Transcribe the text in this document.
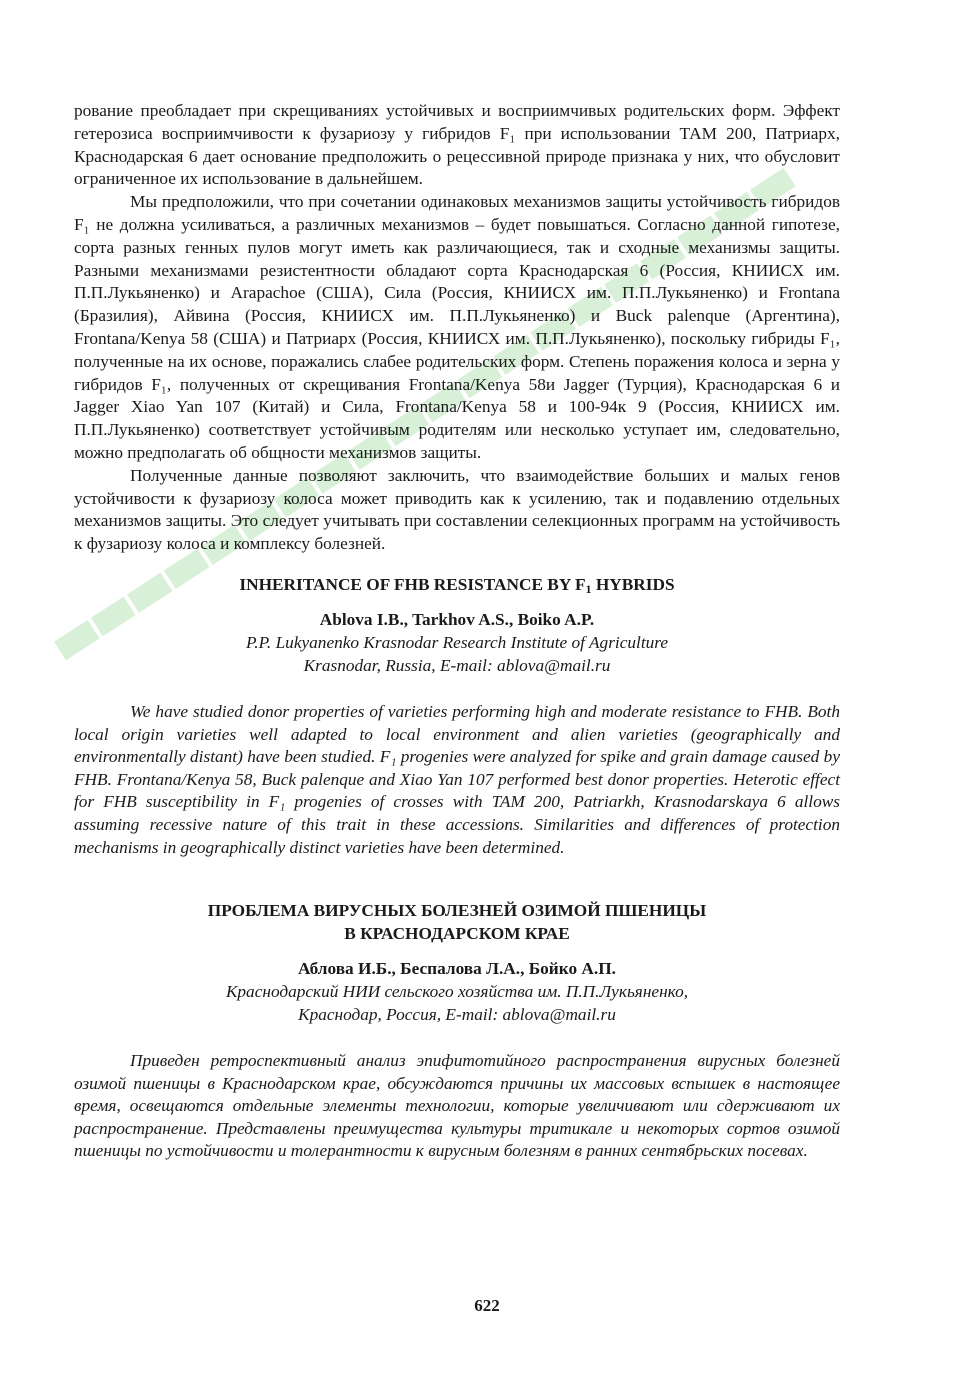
рование преобладает при скрещиваниях устойчивых и восприимчивых родительских форм. Эффект гетерозиса восприимчивости к фузариозу у гибридов F₁ при использовании ТАМ 200, Патриарх, Краснодарская 6 дает основание предположить о рецессивной природе признака у них, что обусловит ограниченное их использование в дальнейшем.

Мы предположили, что при сочетании одинаковых механизмов защиты устойчивость гибридов F₁ не должна усиливаться, а различных механизмов – будет повышаться. Согласно данной гипотезе, сорта разных генных пулов могут иметь как различающиеся, так и сходные механизмы защиты. Разными механизмами резистентности обладают сорта Краснодарская 6 (Россия, КНИИСХ им. П.П.Лукьяненко) и Arapachoe (США), Сила (Россия, КНИИСХ им. П.П.Лукьяненко) и Frontana (Бразилия), Айвина (Россия, КНИИСХ им. П.П.Лукьяненко) и Buck palenque (Аргентина), Frontana/Kenya 58 (США) и Патриарх (Россия, КНИИСХ им. П.П.Лукьяненко), поскольку гибриды F₁, полученные на их основе, поражались слабее родительских форм. Степень поражения колоса и зерна у гибридов F₁, полученных от скрещивания Frontana/Kenya 58и Jagger (Турция), Краснодарская 6 и Jagger Xiao Yan 107 (Китай) и Сила, Frontana/Kenya 58 и 100-94к 9 (Россия, КНИИСХ им. П.П.Лукьяненко) соответствует устойчивым родителям или несколько уступает им, следовательно, можно предполагать об общности механизмов защиты.

Полученные данные позволяют заключить, что взаимодействие больших и малых генов устойчивости к фузариозу колоса может приводить как к усилению, так и подавлению отдельных механизмов защиты. Это следует учитывать при составлении селекционных программ на устойчивость к фузариозу колоса и комплексу болезней.

INHERITANCE OF FHB RESISTANCE BY $F_1$ HYBRIDS
Ablova I.B., Tarkhov A.S., Boiko A.P.
P.P. Lukyanenko Krasnodar Research Institute of Agriculture
Krasnodar, Russia, E-mail: ablova@mail.ru

We have studied donor properties of varieties performing high and moderate resistance to FHB. Both local origin varieties well adapted to local environment and alien varieties (geographically and environmentally distant) have been studied. F₁ progenies were analyzed for spike and grain damage caused by FHB. Frontana/Kenya 58, Buck palenque and Xiao Yan 107 performed best donor properties. Heterotic effect for FHB susceptibility in F₁ progenies of crosses with TAM 200, Patriarkh, Krasnodarskaya 6 allows assuming recessive nature of this trait in these accessions. Similarities and differences of protection mechanisms in geographically distinct varieties have been determined.

ПРОБЛЕМА ВИРУСНЫХ БОЛЕЗНЕЙ ОЗИМОЙ ПШЕНИЦЫ
В КРАСНОДАРСКОМ КРАЕ
Аблова И.Б., Беспалова Л.А., Бойко А.П.
Краснодарский НИИ сельского хозяйства им. П.П.Лукьяненко,
Краснодар, Россия, E-mail: ablova@mail.ru

Приведен ретроспективный анализ эпифитотийного распространения вирусных болезней озимой пшеницы в Краснодарском крае, обсуждаются причины их массовых вспышек в настоящее время, освещаются отдельные элементы технологии, которые увеличивают или сдерживают их распространение. Представлены преимущества культуры тритикале и некоторых сортов озимой пшеницы по устойчивости и толерантности к вирусным болезням в ранних сентябрьских посевах.

622
